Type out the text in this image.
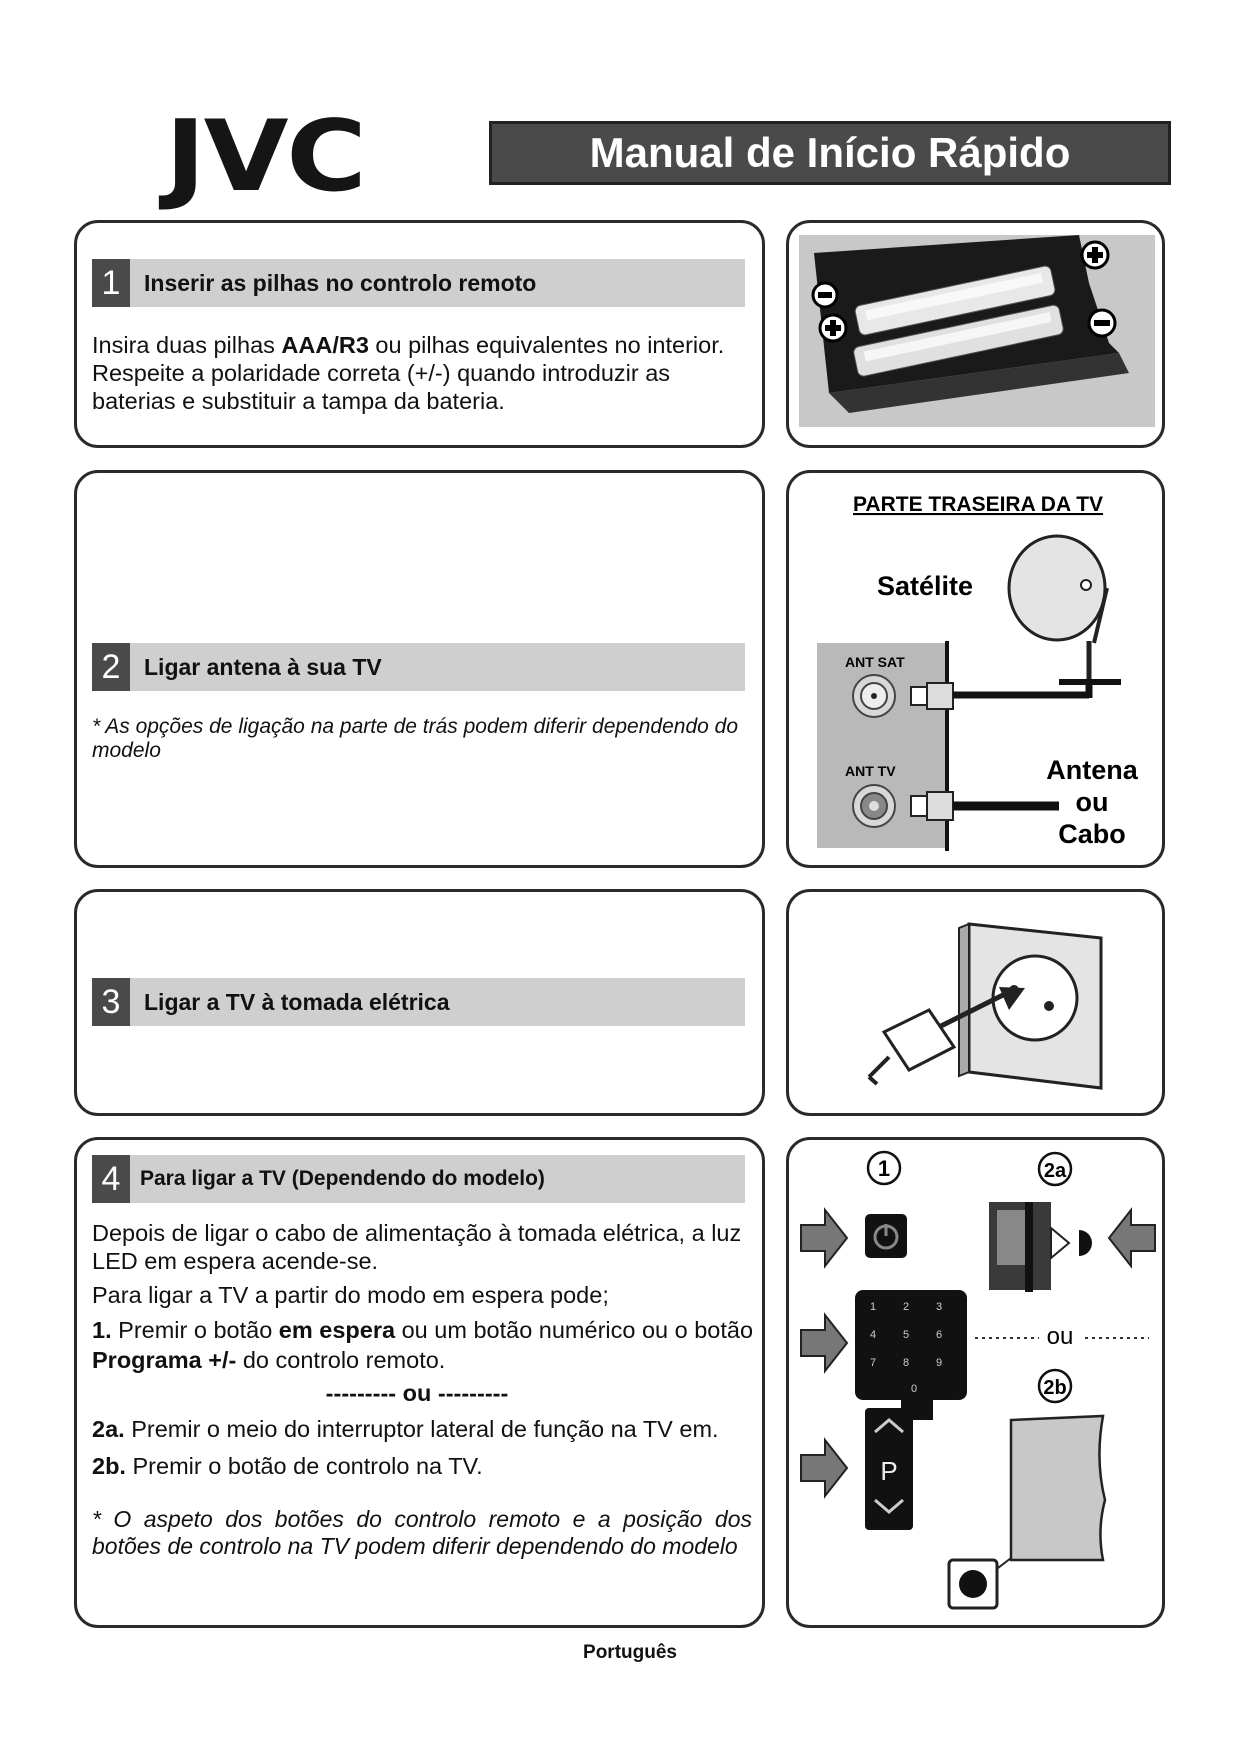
JVC	Manual de Início Rápido
1	Inserir as pilhas no controlo remoto
Insira duas pilhas AAA/R3 ou pilhas equivalentes no interior. Respeite a polaridade correta (+/-) quando introduzir as baterias e substituir a tampa da bateria.
2	Ligar antena à sua TV
* As opções de ligação na parte de trás podem diferir dependendo do modelo
PARTE TRASEIRA DA TV
Satélite
ANT SAT
ANT TV	Antena
ou
Cabo
3	Ligar a TV à tomada elétrica
4 Para ligar a TV (Dependendo do modelo)
Depois de ligar o cabo de alimentação à tomada elétrica, a luz LED em espera acende-se.
Para ligar a TV a partir do modo em espera pode;
1. Premir o botão em espera ou um botão numérico ou o botão Programa +/- do controlo remoto.
--------- ou ---------
2a. Premir o meio do interruptor lateral de função na TV em.
2b. Premir o botão de controlo na TV.
* O aspeto dos botões do controlo remoto e a posição dos botões de controlo na TV podem diferir dependendo do modelo
1	2a
1 2 3
4 5 6
7 8 9
0
ou
2b
P
Português
